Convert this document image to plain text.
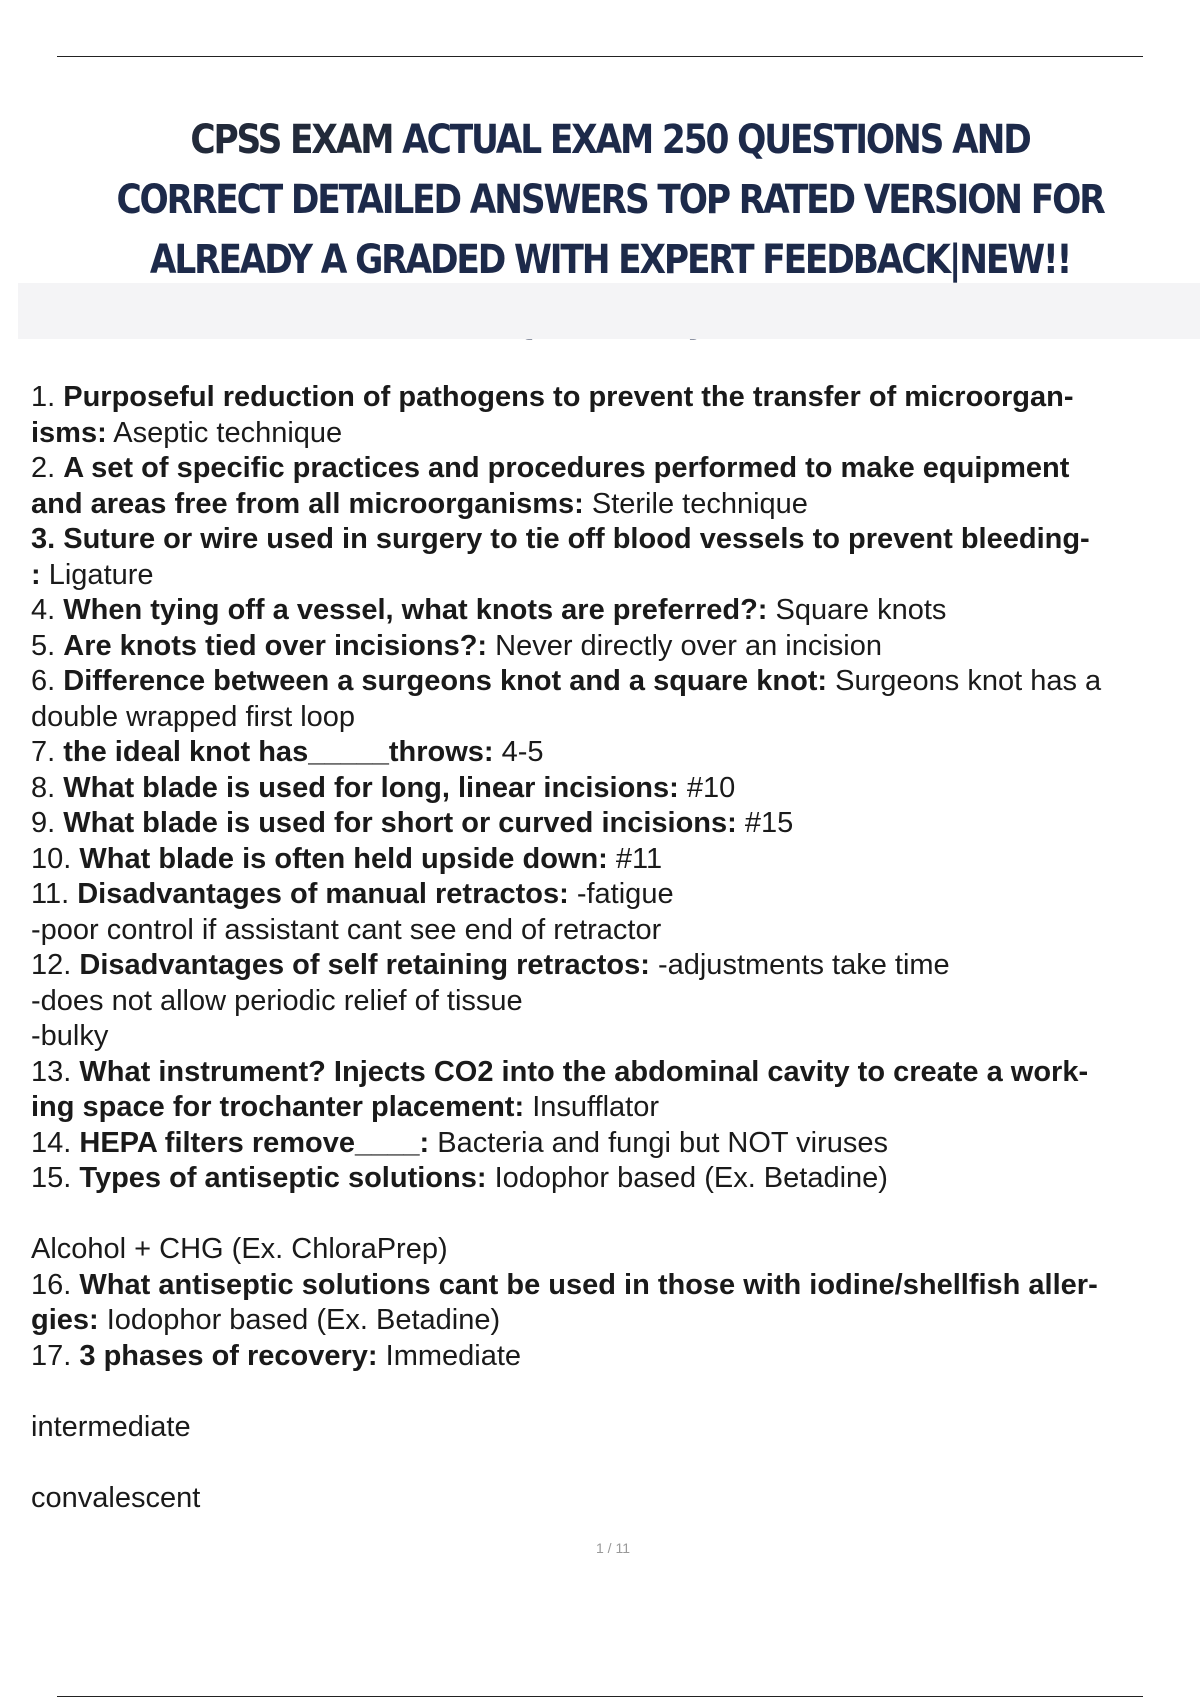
CPSS EXAM ACTUAL EXAM 250 QUESTIONS AND CORRECT DETAILED ANSWERS TOP RATED VERSION FOR ALREADY A GRADED WITH EXPERT FEEDBACK|NEW!!
1. Purposeful reduction of pathogens to prevent the transfer of microorgan-
isms: Aseptic technique
2. A set of specific practices and procedures performed to make equipment
and areas free from all microorganisms: Sterile technique
3. Suture or wire used in surgery to tie off blood vessels to prevent bleeding-
: Ligature
4. When tying off a vessel, what knots are preferred?: Square knots
5. Are knots tied over incisions?: Never directly over an incision
6. Difference between a surgeons knot and a square knot: Surgeons knot has a
double wrapped first loop
7. the ideal knot has_____throws: 4-5
8. What blade is used for long, linear incisions: #10
9. What blade is used for short or curved incisions: #15
10. What blade is often held upside down: #11
11. Disadvantages of manual retractos: -fatigue
-poor control if assistant cant see end of retractor
12. Disadvantages of self retaining retractos: -adjustments take time
-does not allow periodic relief of tissue
-bulky
13. What instrument? Injects CO2 into the abdominal cavity to create a work-
ing space for trochanter placement: Insufflator
14. HEPA filters remove____: Bacteria and fungi but NOT viruses
15. Types of antiseptic solutions: Iodophor based (Ex. Betadine)
Alcohol + CHG (Ex. ChloraPrep)
16. What antiseptic solutions cant be used in those with iodine/shellfish aller-
gies: Iodophor based (Ex. Betadine)
17. 3 phases of recovery: Immediate
intermediate
convalescent
1 / 11
